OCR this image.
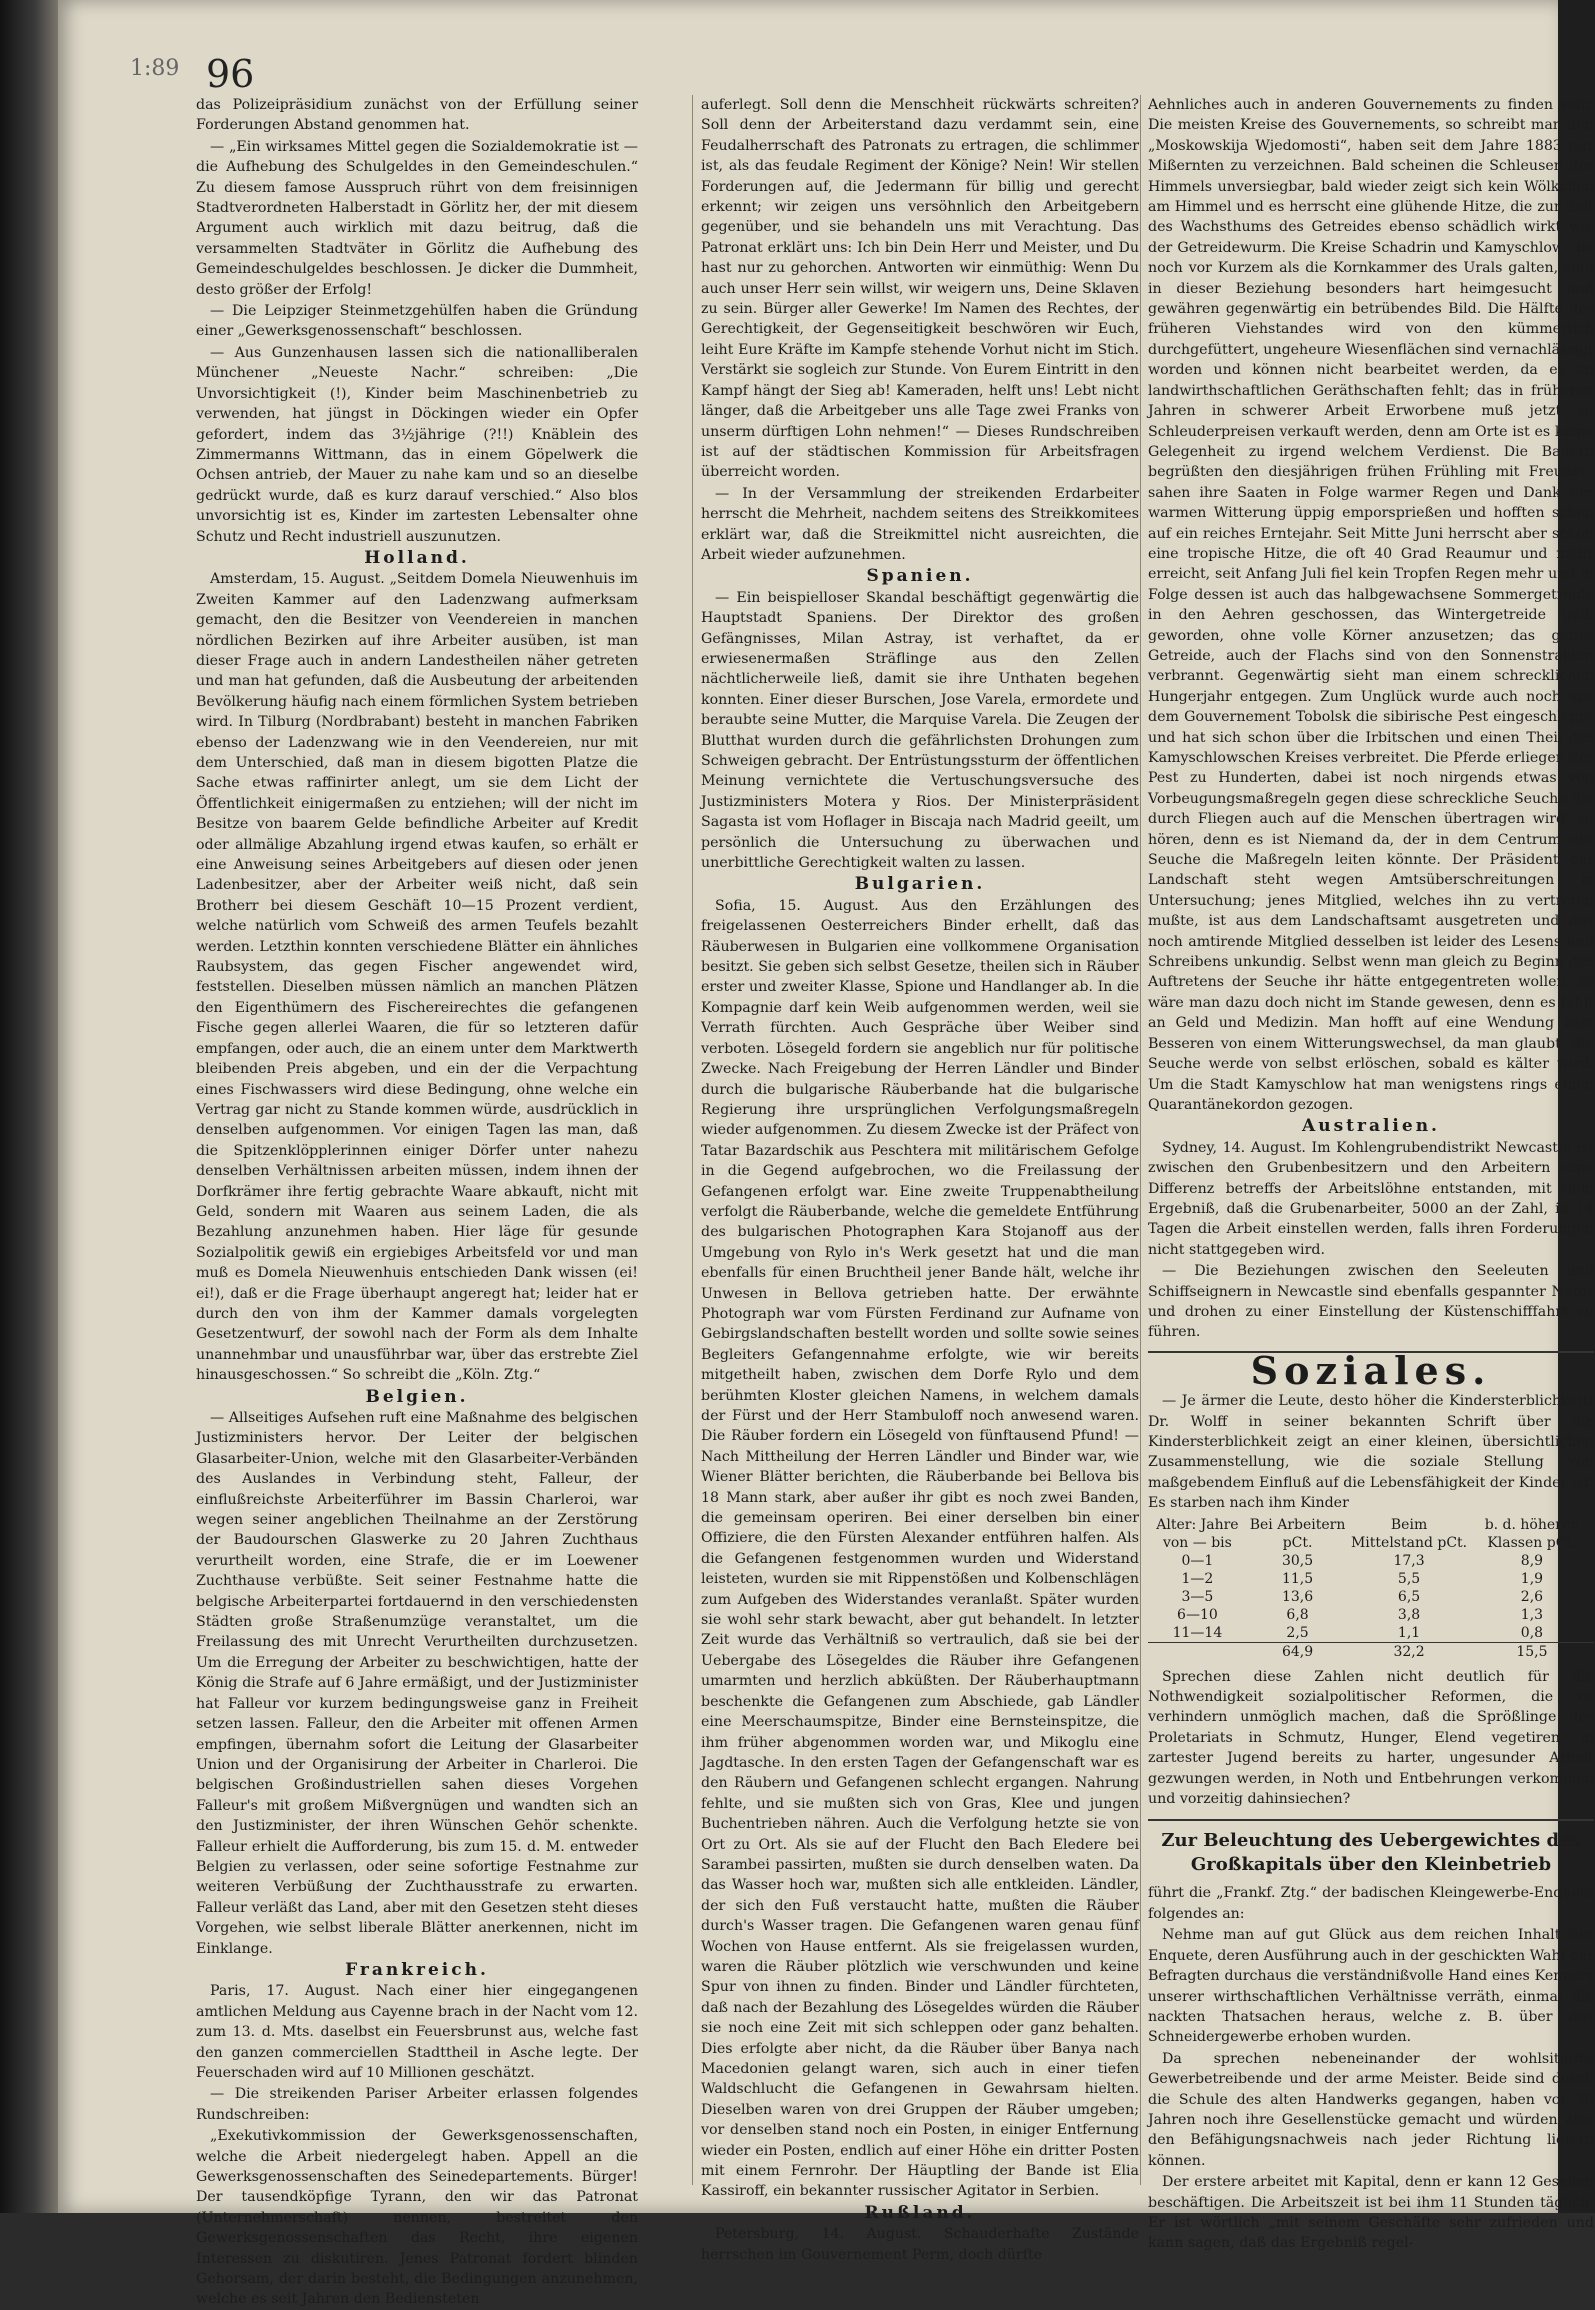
1:89 96

das Polizeipräsidium zunächst von der Erfüllung seiner Forderungen Abstand genommen hat.

— „Ein wirksames Mittel gegen die Sozialdemokratie ist — die Aufhebung des Schulgeldes in den Gemeindeschulen.“ Zu diesem famose Ausspruch rührt von dem freisinnigen Stadtverordneten Halberstadt in Görlitz her, der mit diesem Argument auch wirklich mit dazu beitrug, daß die versammelten Stadtväter in Görlitz die Aufhebung des Gemeindeschulgeldes beschlossen. Je dicker die Dummheit, desto größer der Erfolg!

— Die Leipziger Steinmetzgehülfen haben die Gründung einer „Gewerksgenossenschaft“ beschlossen.

— Aus Gunzenhausen lassen sich die nationalliberalen Münchener „Neueste Nachr.“ schreiben: „Die Unvorsichtigkeit (!), Kinder beim Maschinenbetrieb zu verwenden, hat jüngst in Döckingen wieder ein Opfer gefordert, indem das 3½jährige (?!!) Knäblein des Zimmermanns Wittmann, das in einem Göpelwerk die Ochsen antrieb, der Mauer zu nahe kam und so an dieselbe gedrückt wurde, daß es kurz darauf verschied.“ Also blos unvorsichtig ist es, Kinder im zartesten Lebensalter ohne Schutz und Recht industriell auszunutzen.

Holland.

Amsterdam, 15. August. „Seitdem Domela Nieuwenhuis im Zweiten Kammer auf den Ladenzwang aufmerksam gemacht, den die Besitzer von Veendereien in manchen nördlichen Bezirken auf ihre Arbeiter ausüben, ist man dieser Frage auch in andern Landestheilen näher getreten und man hat gefunden, daß die Ausbeutung der arbeitenden Bevölkerung häufig nach einem förmlichen System betrieben wird. In Tilburg (Nordbrabant) besteht in manchen Fabriken ebenso der Ladenzwang wie in den Veendereien, nur mit dem Unterschied, daß man in diesem bigotten Platze die Sache etwas raffinirter anlegt, um sie dem Licht der Öffentlichkeit einigermaßen zu entziehen; will der nicht im Besitze von baarem Gelde befindliche Arbeiter auf Kredit oder allmälige Abzahlung irgend etwas kaufen, so erhält er eine Anweisung seines Arbeitgebers auf diesen oder jenen Ladenbesitzer, aber der Arbeiter weiß nicht, daß sein Brotherr bei diesem Geschäft 10—15 Prozent verdient, welche natürlich vom Schweiß des armen Teufels bezahlt werden. Letzthin konnten verschiedene Blätter ein ähnliches Raubsystem, das gegen Fischer angewendet wird, feststellen. Dieselben müssen nämlich an manchen Plätzen den Eigenthümern des Fischereirechtes die gefangenen Fische gegen allerlei Waaren, die für so letzteren dafür empfangen, oder auch, die an einem unter dem Marktwerth bleibenden Preis abgeben, und ein der die Verpachtung eines Fischwassers wird diese Bedingung, ohne welche ein Vertrag gar nicht zu Stande kommen würde, ausdrücklich in denselben aufgenommen. Vor einigen Tagen las man, daß die Spitzenklöpplerinnen einiger Dörfer unter nahezu denselben Verhältnissen arbeiten müssen, indem ihnen der Dorfkrämer ihre fertig gebrachte Waare abkauft, nicht mit Geld, sondern mit Waaren aus seinem Laden, die als Bezahlung anzunehmen haben. Hier läge für gesunde Sozialpolitik gewiß ein ergiebiges Arbeitsfeld vor und man muß es Domela Nieuwenhuis entschieden Dank wissen (ei! ei!), daß er die Frage überhaupt angeregt hat; leider hat er durch den von ihm der Kammer damals vorgelegten Gesetzentwurf, der sowohl nach der Form als dem Inhalte unannehmbar und unausführbar war, über das erstrebte Ziel hinausgeschossen.“ So schreibt die „Köln. Ztg.“

Belgien.

— Allseitiges Aufsehen ruft eine Maßnahme des belgischen Justizministers hervor. Der Leiter der belgischen Glasarbeiter-Union, welche mit den Glasarbeiter-Verbänden des Auslandes in Verbindung steht, Falleur, der einflußreichste Arbeiterführer im Bassin Charleroi, war wegen seiner angeblichen Theilnahme an der Zerstörung der Baudourschen Glaswerke zu 20 Jahren Zuchthaus verurtheilt worden, eine Strafe, die er im Loewener Zuchthause verbüßte. Seit seiner Festnahme hatte die belgische Arbeiterpartei fortdauernd in den verschiedensten Städten große Straßenumzüge veranstaltet, um die Freilassung des mit Unrecht Verurtheilten durchzusetzen. Um die Erregung der Arbeiter zu beschwichtigen, hatte der König die Strafe auf 6 Jahre ermäßigt, und der Justizminister hat Falleur vor kurzem bedingungsweise ganz in Freiheit setzen lassen. Falleur, den die Arbeiter mit offenen Armen empfingen, übernahm sofort die Leitung der Glasarbeiter Union und der Organisirung der Arbeiter in Charleroi. Die belgischen Großindustriellen sahen dieses Vorgehen Falleur's mit großem Mißvergnügen und wandten sich an den Justizminister, der ihren Wünschen Gehör schenkte. Falleur erhielt die Aufforderung, bis zum 15. d. M. entweder Belgien zu verlassen, oder seine sofortige Festnahme zur weiteren Verbüßung der Zuchthausstrafe zu erwarten. Falleur verläßt das Land, aber mit den Gesetzen steht dieses Vorgehen, wie selbst liberale Blätter anerkennen, nicht im Einklange.

Frankreich.

Paris, 17. August. Nach einer hier eingegangenen amtlichen Meldung aus Cayenne brach in der Nacht vom 12. zum 13. d. Mts. daselbst ein Feuersbrunst aus, welche fast den ganzen commerciellen Stadttheil in Asche legte. Der Feuerschaden wird auf 10 Millionen geschätzt.

— Die streikenden Pariser Arbeiter erlassen folgendes Rundschreiben:

„Exekutivkommission der Gewerksgenossenschaften, welche die Arbeit niedergelegt haben. Appell an die Gewerksgenossenschaften des Seinedepartements. Bürger! Der tausendköpfige Tyrann, den wir das Patronat (Unternehmerschaft) nennen, bestreitet den Gewerksgenossenschaften das Recht, ihre eigenen Interessen zu diskutiren. Jenes Patronat fordert blinden Gehorsam, der darin besteht, die Bedingungen anzunehmen, welche es seit Jahren den Bediensteten

auferlegt. Soll denn die Menschheit rückwärts schreiten? Soll denn der Arbeiterstand dazu verdammt sein, eine Feudalherrschaft des Patronats zu ertragen, die schlimmer ist, als das feudale Regiment der Könige? Nein! Wir stellen Forderungen auf, die Jedermann für billig und gerecht erkennt; wir zeigen uns versöhnlich den Arbeitgebern gegenüber, und sie behandeln uns mit Verachtung. Das Patronat erklärt uns: Ich bin Dein Herr und Meister, und Du hast nur zu gehorchen. Antworten wir einmüthig: Wenn Du auch unser Herr sein willst, wir weigern uns, Deine Sklaven zu sein. Bürger aller Gewerke! Im Namen des Rechtes, der Gerechtigkeit, der Gegenseitigkeit beschwören wir Euch, leiht Eure Kräfte im Kampfe stehende Vorhut nicht im Stich. Verstärkt sie sogleich zur Stunde. Von Eurem Eintritt in den Kampf hängt der Sieg ab! Kameraden, helft uns! Lebt nicht länger, daß die Arbeitgeber uns alle Tage zwei Franks von unserm dürftigen Lohn nehmen!“ — Dieses Rundschreiben ist auf der städtischen Kommission für Arbeitsfragen überreicht worden.

— In der Versammlung der streikenden Erdarbeiter herrscht die Mehrheit, nachdem seitens des Streikkomitees erklärt war, daß die Streikmittel nicht ausreichten, die Arbeit wieder aufzunehmen.

Spanien.

— Ein beispielloser Skandal beschäftigt gegenwärtig die Hauptstadt Spaniens. Der Direktor des großen Gefängnisses, Milan Astray, ist verhaftet, da er erwiesenermaßen Sträflinge aus den Zellen nächtlicherweile ließ, damit sie ihre Unthaten begehen konnten. Einer dieser Burschen, Jose Varela, ermordete und beraubte seine Mutter, die Marquise Varela. Die Zeugen der Blutthat wurden durch die gefährlichsten Drohungen zum Schweigen gebracht. Der Entrüstungssturm der öffentlichen Meinung vernichtete die Vertuschungsversuche des Justizministers Motera y Rios. Der Ministerpräsident Sagasta ist vom Hoflager in Biscaja nach Madrid geeilt, um persönlich die Untersuchung zu überwachen und unerbittliche Gerechtigkeit walten zu lassen.

Bulgarien.

Sofia, 15. August. Aus den Erzählungen des freigelassenen Oesterreichers Binder erhellt, daß das Räuberwesen in Bulgarien eine vollkommene Organisation besitzt. Sie geben sich selbst Gesetze, theilen sich in Räuber erster und zweiter Klasse, Spione und Handlanger ab. In die Kompagnie darf kein Weib aufgenommen werden, weil sie Verrath fürchten. Auch Gespräche über Weiber sind verboten. Lösegeld fordern sie angeblich nur für politische Zwecke. Nach Freigebung der Herren Ländler und Binder durch die bulgarische Räuberbande hat die bulgarische Regierung ihre ursprünglichen Verfolgungsmaßregeln wieder aufgenommen. Zu diesem Zwecke ist der Präfect von Tatar Bazardschik aus Peschtera mit militärischem Gefolge in die Gegend aufgebrochen, wo die Freilassung der Gefangenen erfolgt war. Eine zweite Truppenabtheilung verfolgt die Räuberbande, welche die gemeldete Entführung des bulgarischen Photographen Kara Stojanoff aus der Umgebung von Rylo in's Werk gesetzt hat und die man ebenfalls für einen Bruchtheil jener Bande hält, welche ihr Unwesen in Bellova getrieben hatte. Der erwähnte Photograph war vom Fürsten Ferdinand zur Aufname von Gebirgslandschaften bestellt worden und sollte sowie seines Begleiters Gefangennahme erfolgte, wie wir bereits mitgetheilt haben, zwischen dem Dorfe Rylo und dem berühmten Kloster gleichen Namens, in welchem damals der Fürst und der Herr Stambuloff noch anwesend waren. Die Räuber fordern ein Lösegeld von fünftausend Pfund! — Nach Mittheilung der Herren Ländler und Binder war, wie Wiener Blätter berichten, die Räuberbande bei Bellova bis 18 Mann stark, aber außer ihr gibt es noch zwei Banden, die gemeinsam operiren. Bei einer derselben bin einer Offiziere, die den Fürsten Alexander entführen halfen. Als die Gefangenen festgenommen wurden und Widerstand leisteten, wurden sie mit Rippenstößen und Kolbenschlägen zum Aufgeben des Widerstandes veranlaßt. Später wurden sie wohl sehr stark bewacht, aber gut behandelt. In letzter Zeit wurde das Verhältniß so vertraulich, daß sie bei der Uebergabe des Lösegeldes die Räuber ihre Gefangenen umarmten und herzlich abküßten. Der Räuberhauptmann beschenkte die Gefangenen zum Abschiede, gab Ländler eine Meerschaumspitze, Binder eine Bernsteinspitze, die ihm früher abgenommen worden war, und Mikoglu eine Jagdtasche. In den ersten Tagen der Gefangenschaft war es den Räubern und Gefangenen schlecht ergangen. Nahrung fehlte, und sie mußten sich von Gras, Klee und jungen Buchentrieben nähren. Auch die Verfolgung hetzte sie von Ort zu Ort. Als sie auf der Flucht den Bach Eledere bei Sarambei passirten, mußten sie durch denselben waten. Da das Wasser hoch war, mußten sich alle entkleiden. Ländler, der sich den Fuß verstaucht hatte, mußten die Räuber durch's Wasser tragen. Die Gefangenen waren genau fünf Wochen von Hause entfernt. Als sie freigelassen wurden, waren die Räuber plötzlich wie verschwunden und keine Spur von ihnen zu finden. Binder und Ländler fürchteten, daß nach der Bezahlung des Lösegeldes würden die Räuber sie noch eine Zeit mit sich schleppen oder ganz behalten. Dies erfolgte aber nicht, da die Räuber über Banya nach Macedonien gelangt waren, sich auch in einer tiefen Waldschlucht die Gefangenen in Gewahrsam hielten. Dieselben waren von drei Gruppen der Räuber umgeben; vor denselben stand noch ein Posten, in einiger Entfernung wieder ein Posten, endlich auf einer Höhe ein dritter Posten mit einem Fernrohr. Der Häuptling der Bande ist Elia Kassiroff, ein bekannter russischer Agitator in Serbien.

Rußland.

Petersburg, 14. August. Schauderhafte Zustände herrschen im Gouvernement Perm, doch dürfte

Aehnliches auch in anderen Gouvernements zu finden sein. Die meisten Kreise des Gouvernements, so schreibt man den „Moskowskija Wjedomosti“, haben seit dem Jahre 1883 nur Mißernten zu verzeichnen. Bald scheinen die Schleusen des Himmels unversiegbar, bald wieder zeigt sich kein Wölkchen am Himmel und es herrscht eine glühende Hitze, die zur Zeit des Wachsthums des Getreides ebenso schädlich wirkt wie der Getreidewurm. Die Kreise Schadrin und Kamyschlow, die noch vor Kurzem als die Kornkammer des Urals galten, sind in dieser Beziehung besonders hart heimgesucht und gewähren gegenwärtig ein betrübendes Bild. Die Hälfte des früheren Viehstandes wird von den kümmerlich durchgefüttert, ungeheure Wiesenflächen sind vernachlässigt worden und können nicht bearbeitet werden, da es an landwirthschaftlichen Geräthschaften fehlt; das in früheren Jahren in schwerer Arbeit Erworbene muß jetzt zu Schleuderpreisen verkauft werden, denn am Orte ist es keine Gelegenheit zu irgend welchem Verdienst. Die Bauern begrüßten den diesjährigen frühen Frühling mit Freuden, sahen ihre Saaten in Folge warmer Regen und Dank der warmen Witterung üppig emporsprießen und hofften schon auf ein reiches Erntejahr. Seit Mitte Juni herrscht aber schon eine tropische Hitze, die oft 40 Grad Reaumur und mehr erreicht, seit Anfang Juli fiel kein Tropfen Regen mehr und in Folge dessen ist auch das halbgewachsene Sommergetreide in den Aehren geschossen, das Wintergetreide gelb geworden, ohne volle Körner anzusetzen; das ganze Getreide, auch der Flachs sind von den Sonnenstrahlen verbrannt. Gegenwärtig sieht man einem schrecklichen Hungerjahr entgegen. Zum Unglück wurde auch noch aus dem Gouvernement Tobolsk die sibirische Pest eingeschleppt und hat sich schon über die Irbitschen und einen Theil des Kamyschlowschen Kreises verbreitet. Die Pferde erliegen der Pest zu Hunderten, dabei ist noch nirgends etwas von Vorbeugungsmaßregeln gegen diese schreckliche Seuche die durch Fliegen auch auf die Menschen übertragen wird, zu hören, denn es ist Niemand da, der in dem Centrum der Seuche die Maßregeln leiten könnte. Der Präsident der Landschaft steht wegen Amtsüberschreitungen in Untersuchung; jenes Mitglied, welches ihn zu vertreten mußte, ist aus dem Landschaftsamt ausgetreten und das noch amtirende Mitglied desselben ist leider des Lesens und Schreibens unkundig. Selbst wenn man gleich zu Beginn des Auftretens der Seuche ihr hätte entgegentreten wollen, so wäre man dazu doch nicht im Stande gewesen, denn es fehlt an Geld und Medizin. Man hofft auf eine Wendung zum Besseren von einem Witterungswechsel, da man glaubt, die Seuche werde von selbst erlöschen, sobald es kälter wird. Um die Stadt Kamyschlow hat man wenigstens rings einen Quarantänekordon gezogen.

Australien.

Sydney, 14. August. Im Kohlengrubendistrikt Newcastle ist zwischen den Grubenbesitzern und den Arbeitern eine Differenz betreffs der Arbeitslöhne entstanden, mit dem Ergebniß, daß die Grubenarbeiter, 5000 an der Zahl, in 14 Tagen die Arbeit einstellen werden, falls ihren Forderungen nicht stattgegeben wird.

— Die Beziehungen zwischen den Seeleuten und Schiffseignern in Newcastle sind ebenfalls gespannter Natur und drohen zu einer Einstellung der Küstenschifffahrt zu führen.

Soziales.

— Je ärmer die Leute, desto höher die Kindersterblichkeit! Dr. Wolff in seiner bekannten Schrift über die Kindersterblichkeit zeigt an einer kleinen, übersichtlichen Zusammenstellung, wie die soziale Stellung von maßgebendem Einfluß auf die Lebensfähigkeit der Kinder ist. Es starben nach ihm Kinder

Alter: Jahre von — bis	Bei Arbeitern pCt.	Beim Mittelstand pCt.	b. d. höheren Klassen pCt.
0—1	30,5	17,3	8,9
1—2	11,5	5,5	1,9
3—5	13,6	6,5	2,6
6—10	6,8	3,8	1,3
11—14	2,5	1,1	0,8
	64,9	32,2	15,5

Sprechen diese Zahlen nicht deutlich für die Nothwendigkeit sozialpolitischer Reformen, die es verhindern unmöglich machen, daß die Sprößlinge des Proletariats in Schmutz, Hunger, Elend vegetiren, in zartester Jugend bereits zu harter, ungesunder Arbeit gezwungen werden, in Noth und Entbehrungen verkommen und vorzeitig dahinsiechen?

Zur Beleuchtung des Uebergewichtes des Großkapitals über den Kleinbetrieb

führt die „Frankf. Ztg.“ der badischen Kleingewerbe-Enquete folgendes an:

Nehme man auf gut Glück aus dem reichen Inhalt der Enquete, deren Ausführung auch in der geschickten Wahl der Befragten durchaus die verständnißvolle Hand eines Kenners unserer wirthschaftlichen Verhältnisse verräth, einmal die nackten Thatsachen heraus, welche z. B. über das Schneidergewerbe erhoben wurden.

Da sprechen nebeneinander der wohlsituirte Gewerbetreibende und der arme Meister. Beide sind durch die Schule des alten Handwerks gegangen, haben vor 30 Jahren noch ihre Gesellenstücke gemacht und würden also den Befähigungsnachweis nach jeder Richtung liefern können.

Der erstere arbeitet mit Kapital, denn er kann 12 Gesellen beschäftigen. Die Arbeitszeit ist bei ihm 11 Stunden täglich. Er ist wörtlich „mit seinem Geschäfte sehr zufrieden und kann sagen, daß das Ergebniß regel-
